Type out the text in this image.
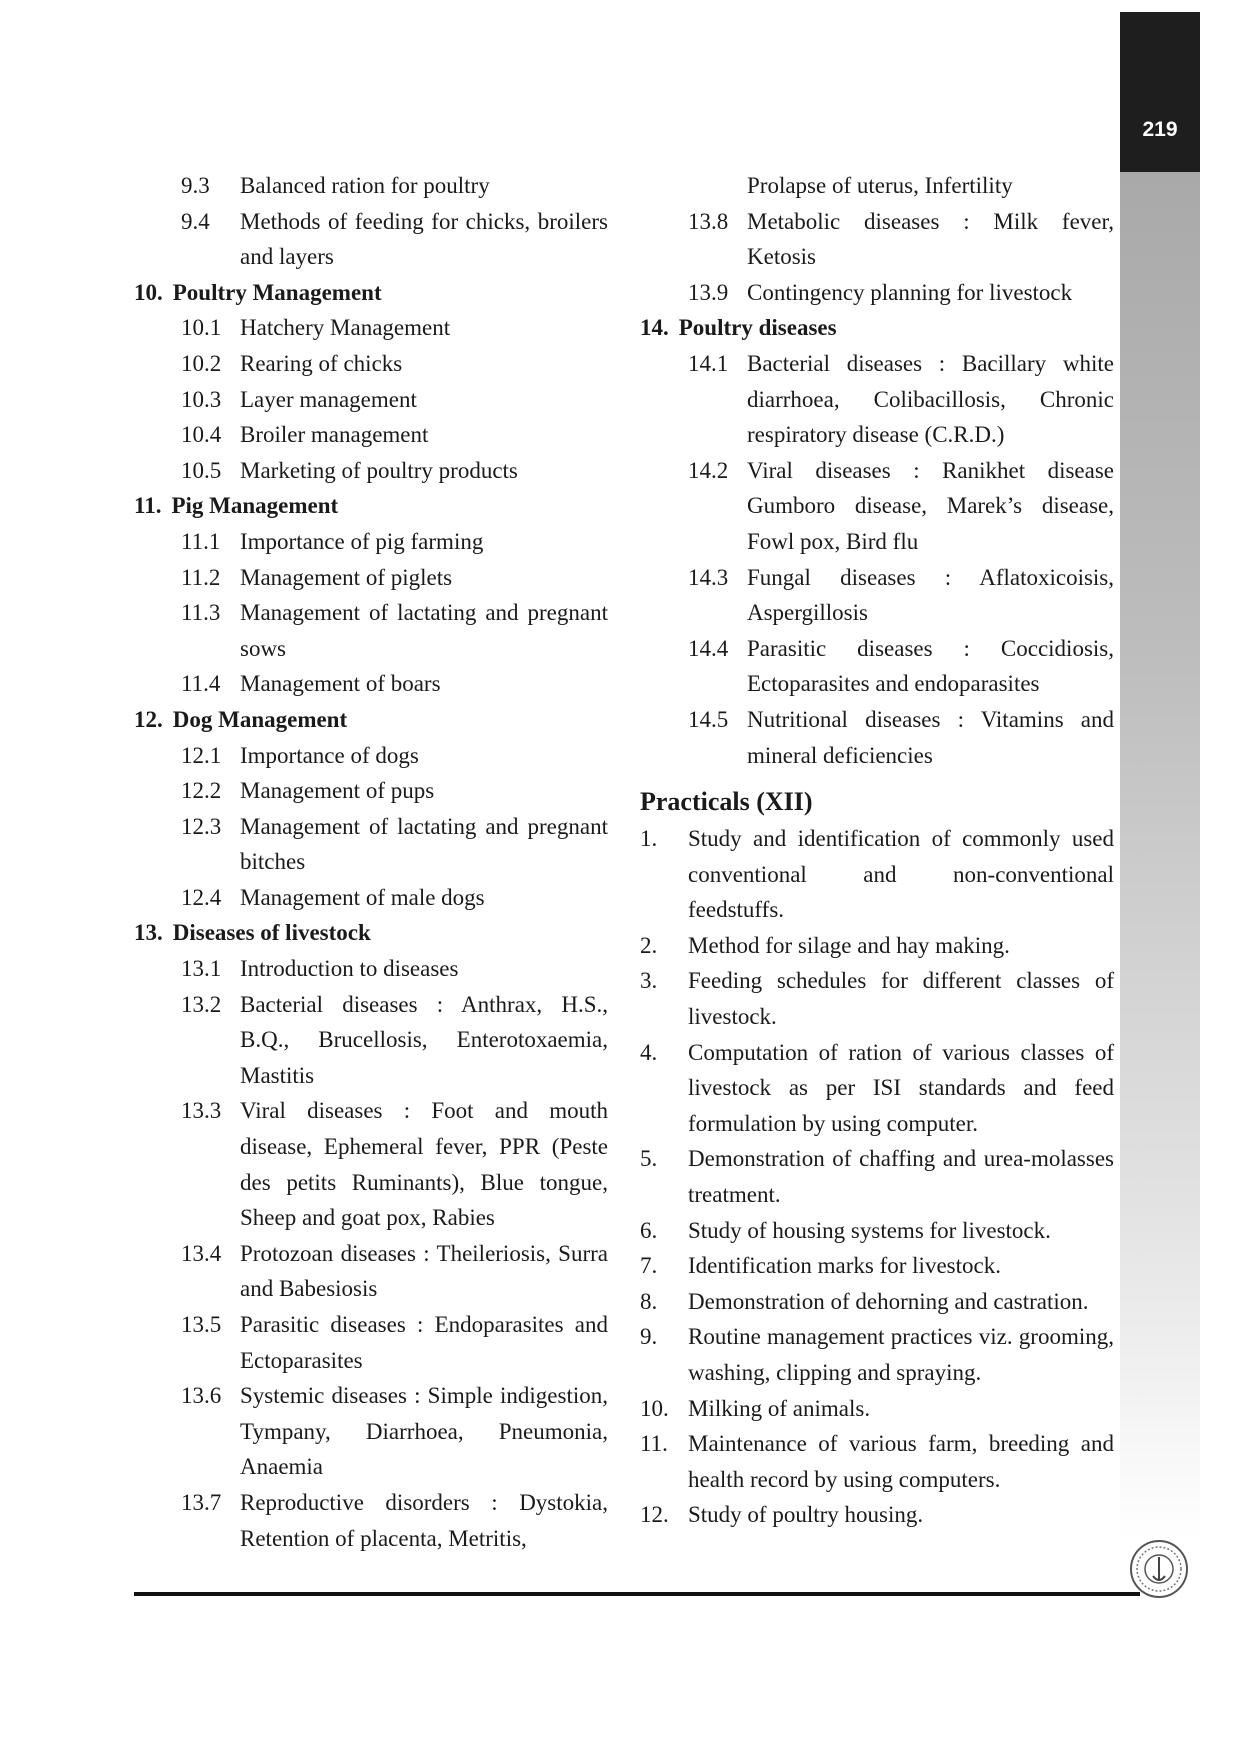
219
9.3	Balanced ration for poultry
9.4	Methods of feeding for chicks, broilers and layers
10. Poultry Management
10.1 Hatchery Management
10.2 Rearing of chicks
10.3 Layer management
10.4 Broiler management
10.5 Marketing of poultry products
11. Pig Management
11.1 Importance of pig farming
11.2 Management of piglets
11.3 Management of lactating and pregnant sows
11.4 Management of boars
12. Dog Management
12.1 Importance of dogs
12.2 Management of pups
12.3 Management of lactating and pregnant bitches
12.4 Management of male dogs
13. Diseases of livestock
13.1 Introduction to diseases
13.2 Bacterial diseases : Anthrax, H.S., B.Q., Brucellosis, Enterotoxaemia, Mastitis
13.3 Viral diseases : Foot and mouth disease, Ephemeral fever, PPR (Peste des petits Ruminants), Blue tongue, Sheep and goat pox, Rabies
13.4 Protozoan diseases : Theileriosis, Surra and Babesiosis
13.5 Parasitic diseases : Endoparasites and Ectoparasites
13.6 Systemic diseases : Simple indigestion, Tympany, Diarrhoea, Pneumonia, Anaemia
13.7 Reproductive disorders : Dystokia, Retention of placenta, Metritis,
Prolapse of uterus, Infertility
13.8 Metabolic diseases : Milk fever, Ketosis
13.9 Contingency planning for livestock
14. Poultry diseases
14.1 Bacterial diseases : Bacillary white diarrhoea, Colibacillosis, Chronic respiratory disease (C.R.D.)
14.2 Viral diseases : Ranikhet disease Gumboro disease, Marek’s disease, Fowl pox, Bird flu
14.3 Fungal diseases : Aflatoxicoisis, Aspergillosis
14.4 Parasitic diseases : Coccidiosis, Ectoparasites and endoparasites
14.5 Nutritional diseases : Vitamins and mineral deficiencies
Practicals (XII)
1.	Study and identification of commonly used conventional and non-conventional feedstuffs.
2.	Method for silage and hay making.
3.	Feeding schedules for different classes of livestock.
4.	Computation of ration of various classes of livestock as per ISI standards and feed formulation by using computer.
5.	Demonstration of chaffing and urea-molasses treatment.
6.	Study of housing systems for livestock.
7.	Identification marks for livestock.
8.	Demonstration of dehorning and castration.
9.	Routine management practices viz. grooming, washing, clipping and spraying.
10. Milking of animals.
11. Maintenance of various farm, breeding and health record by using computers.
12. Study of poultry housing.
